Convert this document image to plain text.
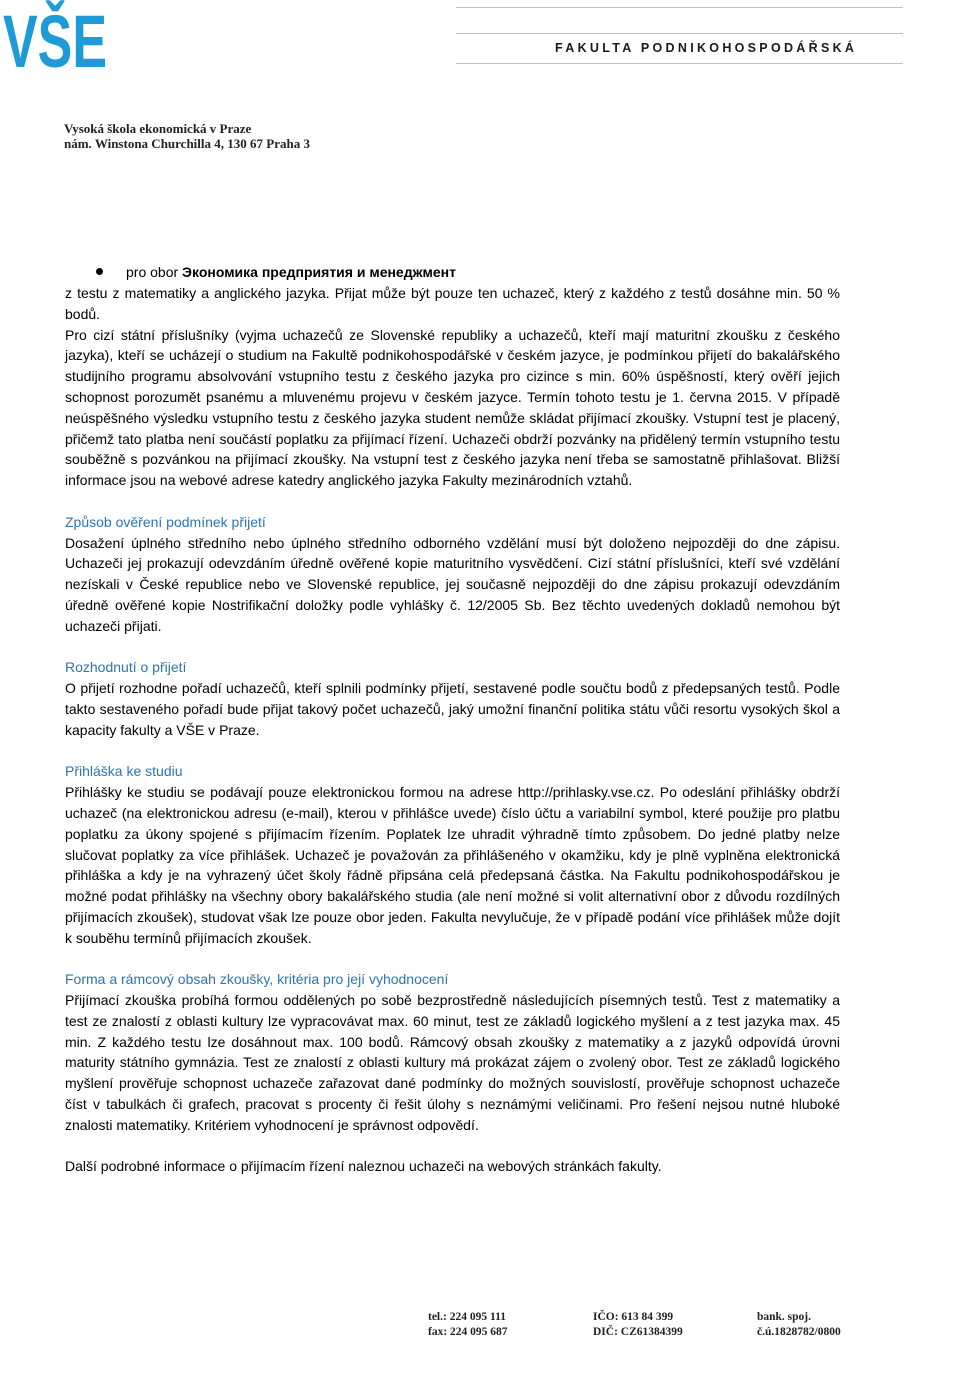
VŠE	FAKULTA PODNIKOHOSPODÁŘSKÁ
Vysoká škola ekonomická v Praze
nám. Winstona Churchilla 4, 130 67 Praha 3
pro obor Экономика предприятия и менеджмент

z testu z matematiky a anglického jazyka. Přijat může být pouze ten uchazeč, který z každého z testů dosáhne min. 50 % bodů.

Pro cizí státní příslušníky (vyjma uchazečů ze Slovenské republiky a uchazečů, kteří mají maturitní zkoušku z českého jazyka), kteří se ucházejí o studium na Fakultě podnikohospodářské v českém jazyce, je podmínkou přijetí do bakalářského studijního programu absolvování vstupního testu z českého jazyka pro cizince s min. 60% úspěšností, který ověří jejich schopnost porozumět psanému a mluvenému projevu v českém jazyce. Termín tohoto testu je 1. června 2015. V případě neúspěšného výsledku vstupního testu z českého jazyka student nemůže skládat přijímací zkoušky. Vstupní test je placený, přičemž tato platba není součástí poplatku za přijímací řízení. Uchazeči obdrží pozvánky na přidělený termín vstupního testu souběžně s pozvánkou na přijímací zkoušky. Na vstupní test z českého jazyka není třeba se samostatně přihlašovat. Bližší informace jsou na webové adrese katedry anglického jazyka Fakulty mezinárodních vztahů.

Způsob ověření podmínek přijetí

Dosažení úplného středního nebo úplného středního odborného vzdělání musí být doloženo nejpozději do dne zápisu. Uchazeči jej prokazují odevzdáním úředně ověřené kopie maturitního vysvědčení. Cizí státní příslušníci, kteří své vzdělání nezískali v České republice nebo ve Slovenské republice, jej současně nejpozději do dne zápisu prokazují odevzdáním úředně ověřené kopie Nostrifikační doložky podle vyhlášky č. 12/2005 Sb. Bez těchto uvedených dokladů nemohou být uchazeči přijati.

Rozhodnutí o přijetí

O přijetí rozhodne pořadí uchazečů, kteří splnili podmínky přijetí, sestavené podle součtu bodů z předepsaných testů. Podle takto sestaveného pořadí bude přijat takový počet uchazečů, jaký umožní finanční politika státu vůči resortu vysokých škol a kapacity fakulty a VŠE v Praze.

Přihláška ke studiu

Přihlášky ke studiu se podávají pouze elektronickou formou na adrese http://prihlasky.vse.cz. Po odeslání přihlášky obdrží uchazeč (na elektronickou adresu (e-mail), kterou v přihlášce uvede) číslo účtu a variabilní symbol, které použije pro platbu poplatku za úkony spojené s přijímacím řízením. Poplatek lze uhradit výhradně tímto způsobem. Do jedné platby nelze slučovat poplatky za více přihlášek. Uchazeč je považován za přihlášeného v okamžiku, kdy je plně vyplněna elektronická přihláška a kdy je na vyhrazený účet školy řádně připsána celá předepsaná částka. Na Fakultu podnikohospodářskou je možné podat přihlášky na všechny obory bakalářského studia (ale není možné si volit alternativní obor z důvodu rozdílných přijímacích zkoušek), studovat však lze pouze obor jeden. Fakulta nevylučuje, že v případě podání více přihlášek může dojít k souběhu termínů přijímacích zkoušek.

Forma a rámcový obsah zkoušky, kritéria pro její vyhodnocení

Přijímací zkouška probíhá formou oddělených po sobě bezprostředně následujících písemných testů. Test z matematiky a test ze znalostí z oblasti kultury lze vypracovávat max. 60 minut, test ze základů logického myšlení a z test jazyka max. 45 min. Z každého testu lze dosáhnout max. 100 bodů. Rámcový obsah zkoušky z matematiky a z jazyků odpovídá úrovni maturity státního gymnázia. Test ze znalostí z oblasti kultury má prokázat zájem o zvolený obor. Test ze základů logického myšlení prověřuje schopnost uchazeče zařazovat dané podmínky do možných souvislostí, prověřuje schopnost uchazeče číst v tabulkách či grafech, pracovat s procenty či řešit úlohy s neznámými veličinami. Pro řešení nejsou nutné hluboké znalosti matematiky. Kritériem vyhodnocení je správnost odpovědí.

Další podrobné informace o přijímacím řízení naleznou uchazeči na webových stránkách fakulty.

tel.: 224 095 111
fax: 224 095 687
IČO: 613 84 399
DIČ: CZ61384399
bank. spoj.
č.ú.1828782/0800
